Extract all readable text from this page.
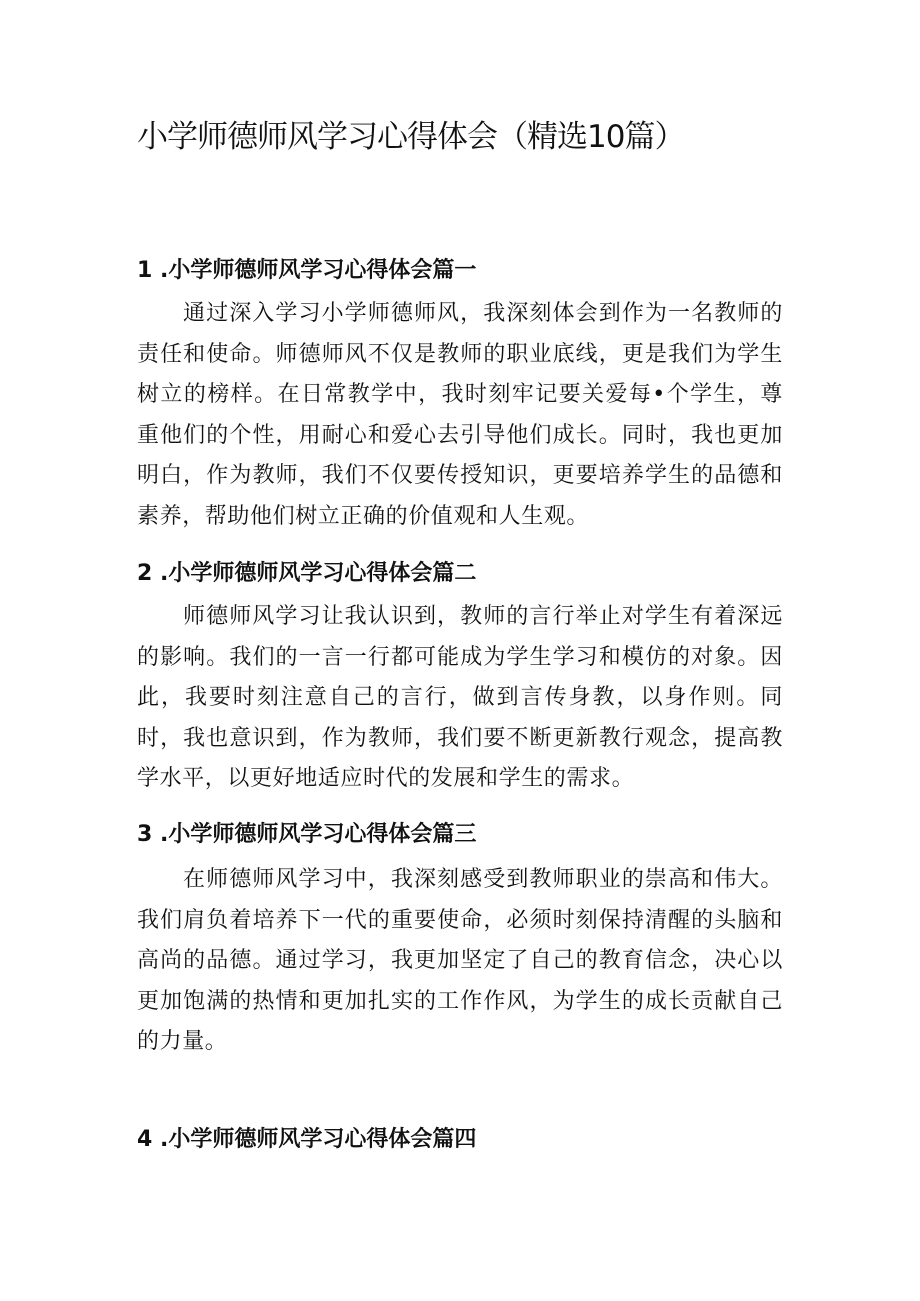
小学师德师风学习心得体会（精选10篇）
1 .小学师德师风学习心得体会篇一

通过深入学习小学师德师风，我深刻体会到作为一名教师的责任和使命。师德师风不仅是教师的职业底线，更是我们为学生树立的榜样。在日常教学中，我时刻牢记要关爱每•个学生，尊重他们的个性，用耐心和爱心去引导他们成长。同时，我也更加明白，作为教师，我们不仅要传授知识，更要培养学生的品德和素养，帮助他们树立正确的价值观和人生观。

2 .小学师德师风学习心得体会篇二

师德师风学习让我认识到，教师的言行举止对学生有着深远的影响。我们的一言一行都可能成为学生学习和模仿的对象。因此，我要时刻注意自己的言行，做到言传身教，以身作则。同时，我也意识到，作为教师，我们要不断更新教行观念，提高教学水平，以更好地适应时代的发展和学生的需求。

3 .小学师德师风学习心得体会篇三

在师德师风学习中，我深刻感受到教师职业的崇高和伟大。我们肩负着培养下一代的重要使命，必须时刻保持清醒的头脑和高尚的品德。通过学习，我更加坚定了自己的教育信念，决心以更加饱满的热情和更加扎实的工作作风，为学生的成长贡献自己的力量。

4 .小学师德师风学习心得体会篇四
